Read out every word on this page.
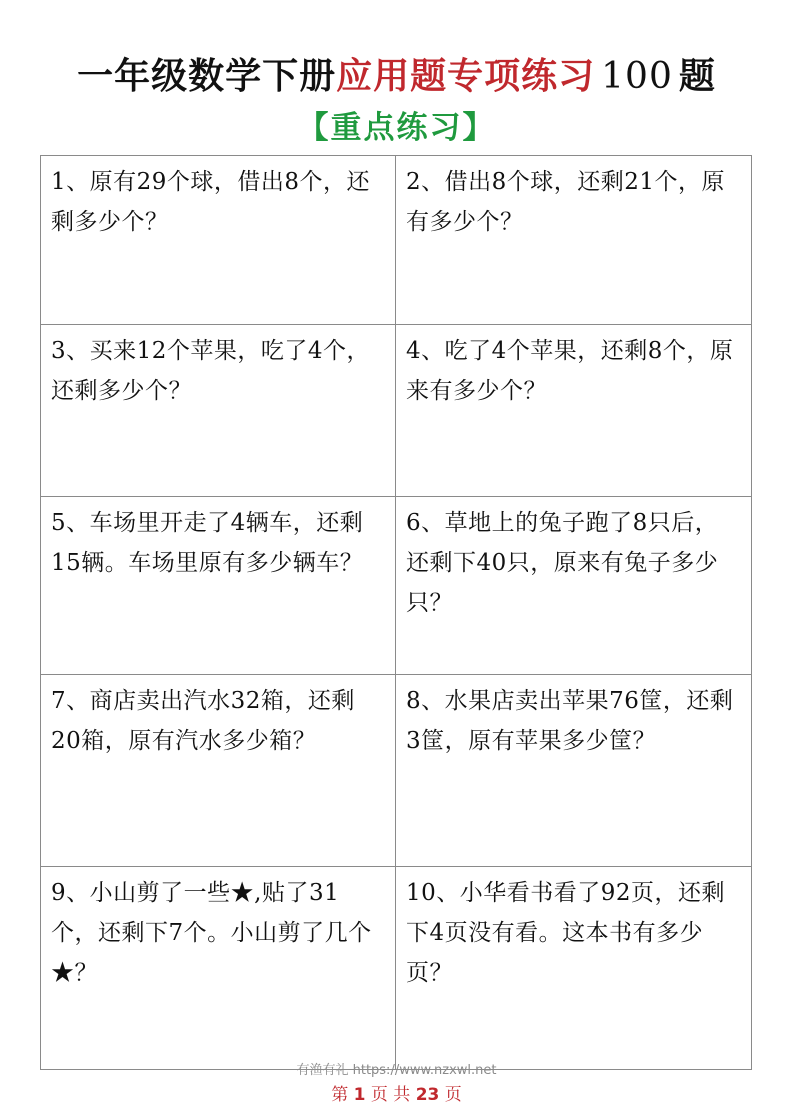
一年级数学下册应用题专项练习 100 题
【重点练习】
1、原有29个球，借出8个，还剩多少个？
2、借出8个球，还剩21个，原有多少个？
3、买来12个苹果，吃了4个，还剩多少个？
4、吃了4个苹果，还剩8个，原来有多少个？
5、车场里开走了4辆车，还剩15辆。车场里原有多少辆车？
6、草地上的兔子跑了8只后，还剩下40只，原来有兔子多少只？
7、商店卖出汽水32箱，还剩20箱，原有汽水多少箱？
8、水果店卖出苹果76筐，还剩3筐，原有苹果多少筐？
9、小山剪了一些★,贴了31个，还剩下7个。小山剪了几个★？
10、小华看书看了92页，还剩下4页没有看。这本书有多少页？
有渔有礼 https://www.nzxwl.net
第 1 页 共 23 页
